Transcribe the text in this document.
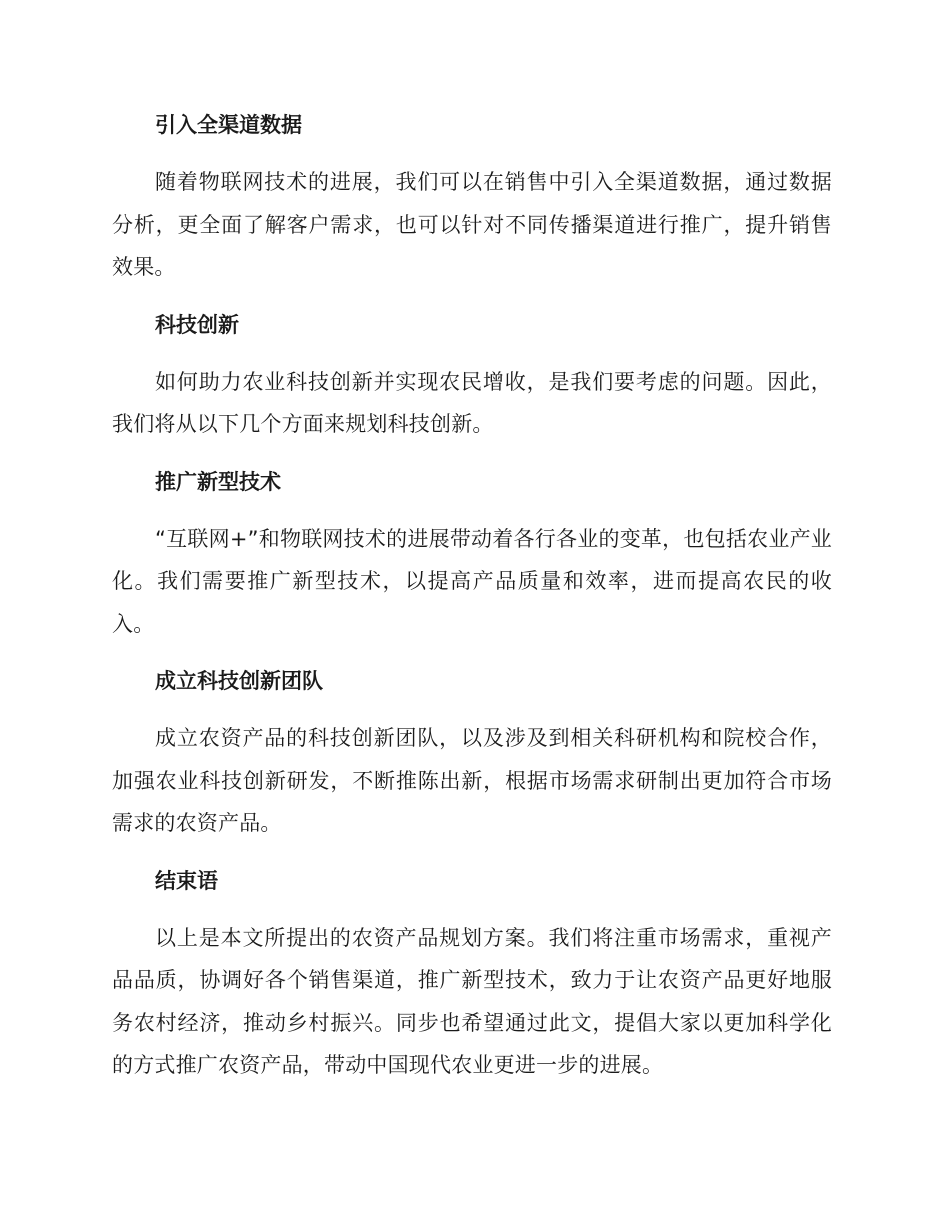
引入全渠道数据

随着物联网技术的进展，我们可以在销售中引入全渠道数据，通过数据分析，更全面了解客户需求，也可以针对不同传播渠道进行推广，提升销售效果。

科技创新

如何助力农业科技创新并实现农民增收，是我们要考虑的问题。因此，我们将从以下几个方面来规划科技创新。

推广新型技术

“互联网+”和物联网技术的进展带动着各行各业的变革，也包括农业产业化。我们需要推广新型技术，以提高产品质量和效率，进而提高农民的收入。

成立科技创新团队

成立农资产品的科技创新团队，以及涉及到相关科研机构和院校合作，加强农业科技创新研发，不断推陈出新，根据市场需求研制出更加符合市场需求的农资产品。

结束语

以上是本文所提出的农资产品规划方案。我们将注重市场需求，重视产品品质，协调好各个销售渠道，推广新型技术，致力于让农资产品更好地服务农村经济，推动乡村振兴。同步也希望通过此文，提倡大家以更加科学化的方式推广农资产品，带动中国现代农业更进一步的进展。
